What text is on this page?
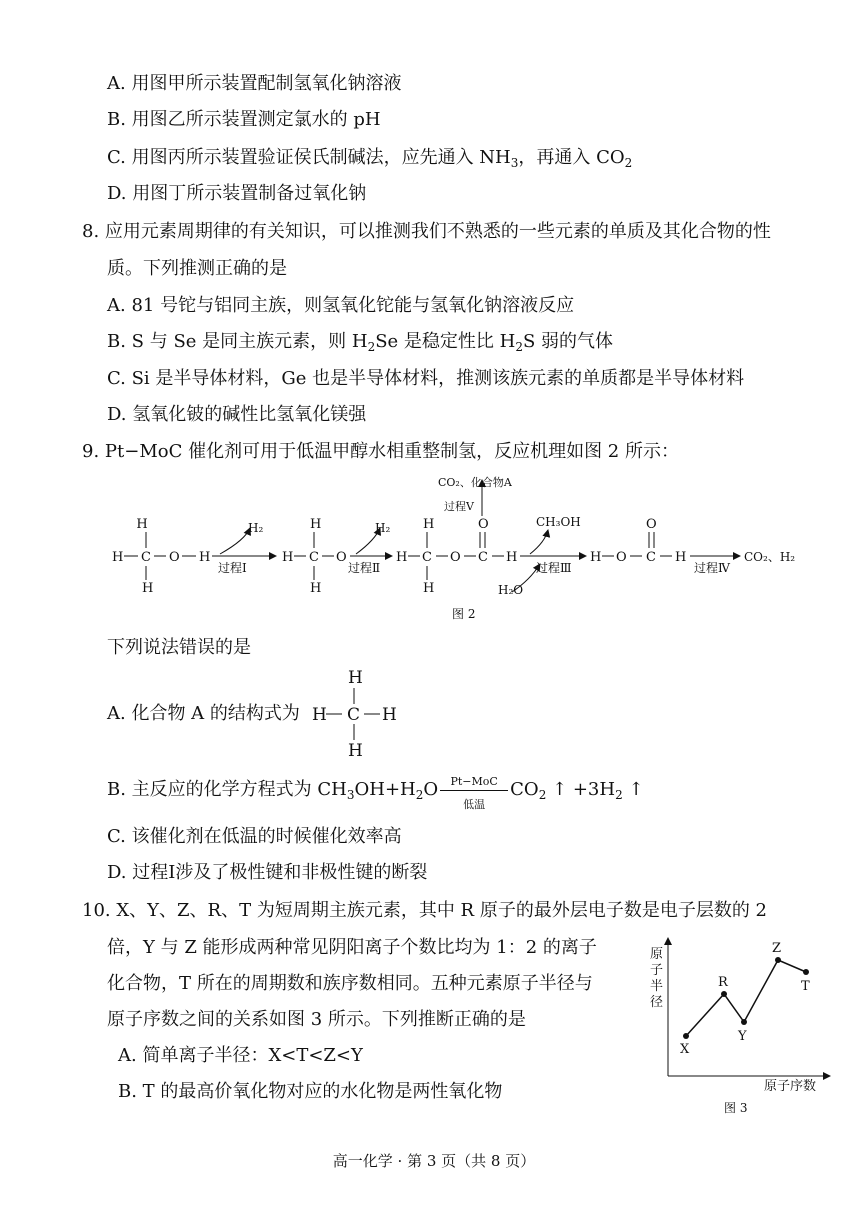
A. 用图甲所示装置配制氢氧化钠溶液
B. 用图乙所示装置测定氯水的 pH
C. 用图丙所示装置验证侯氏制碱法，应先通入 $NH_3$，再通入 $CO_2$
D. 用图丁所示装置制备过氧化钠
8. 应用元素周期律的有关知识，可以推测我们不熟悉的一些元素的单质及其化合物的性
质。下列推测正确的是
A. 81 号铊与铝同主族，则氢氧化铊能与氢氧化钠溶液反应
B. S 与 Se 是同主族元素，则 $H_2Se$ 是稳定性比 $H_2S$ 弱的气体
C. Si 是半导体材料，Ge 也是半导体材料，推测该族元素的单质都是半导体材料
D. 氢氧化铍的碱性比氢氧化镁强
9. Pt−MoC 催化剂可用于低温甲醇水相重整制氢，反应机理如图 2 所示：
H
H C O H
H
H₂
过程Ⅰ
H C
H
H
O
H₂
过程Ⅱ
H C
H
H
O C
O
H
CO₂、化合物A
过程Ⅴ
CH₃OH
过程Ⅲ
H₂O
H O C
O
H
过程Ⅳ
CO₂、H₂
图 2
下列说法错误的是
A. 化合物 A 的结构式为
H
H C H
H
B. 主反应的化学方程式为 $CH_3OH+H_2O$	Pt−MoC
低温
$CO_2$ ↑ $+3H_2$ ↑
C. 该催化剂在低温的时候催化效率高
D. 过程Ⅰ涉及了极性键和非极性键的断裂
10. X、Y、Z、R、T 为短周期主族元素，其中 R 原子的最外层电子数是电子层数的 2
倍，Y 与 Z 能形成两种常见阴阳离子个数比均为 1：2 的离子
化合物，T 所在的周期数和族序数相同。五种元素原子半径与
原子序数之间的关系如图 3 所示。下列推断正确的是
A. 简单离子半径：X<T<Z<Y
B. T 的最高价氧化物对应的水化物是两性氧化物
原
子
半
径
原子序数
X
R
Y
Z
T
图 3
高一化学 · 第 3 页（共 8 页）
